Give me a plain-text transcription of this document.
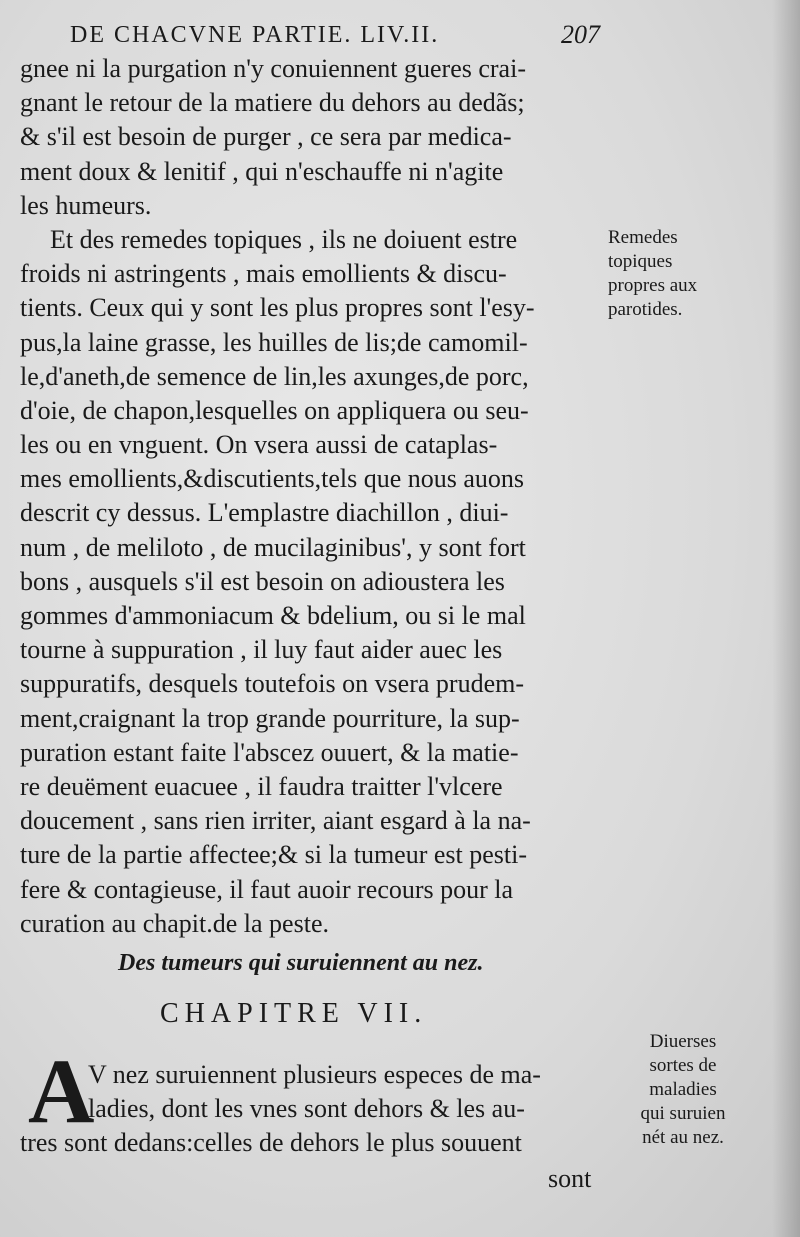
DE CHACVNE PARTIE. LIV.II.	207
gnee ni la purgation n'y conuiennent gueres crai-
gnant le retour de la matiere du dehors au dedãs;
& s'il est besoin de purger , ce sera par medica-
ment doux & lenitif , qui n'eschauffe ni n'agite
les humeurs.
Et des remedes topiques , ils ne doiuent estre
froids ni astringents , mais emollients & discu-
tients. Ceux qui y sont les plus propres sont l'esy-
pus,la laine grasse, les huilles de lis;de camomil-
le,d'aneth,de semence de lin,les axunges,de porc,
d'oie, de chapon,lesquelles on appliquera ou seu-
les ou en vnguent. On vsera aussi de cataplas-
mes emollients,&discutients,tels que nous auons
descrit cy dessus. L'emplastre diachillon , diui-
num , de meliloto , de mucilaginibus', y sont fort
bons , ausquels s'il est besoin on adioustera les
gommes d'ammoniacum & bdelium, ou si le mal
tourne à suppuration , il luy faut aider auec les
suppuratifs, desquels toutefois on vsera prudem-
ment,craignant la trop grande pourriture, la sup-
puration estant faite l'abscez ouuert, & la matie-
re deuëment euacuee , il faudra traitter l'vlcere
doucement , sans rien irriter, aiant esgard à la na-
ture de la partie affectee;& si la tumeur est pesti-
fere & contagieuse, il faut auoir recours pour la
curation au chapit.de la peste.
Remedes
topiques
propres aux
parotides.
Des tumeurs qui suruiennent au nez.
CHAPITRE VII.
A
V nez suruiennent plusieurs especes de ma-
ladies, dont les vnes sont dehors & les au-
tres sont dedans:celles de dehors le plus souuent
sont
Diuerses
sortes de
maladies
qui suruien
nét au nez.
